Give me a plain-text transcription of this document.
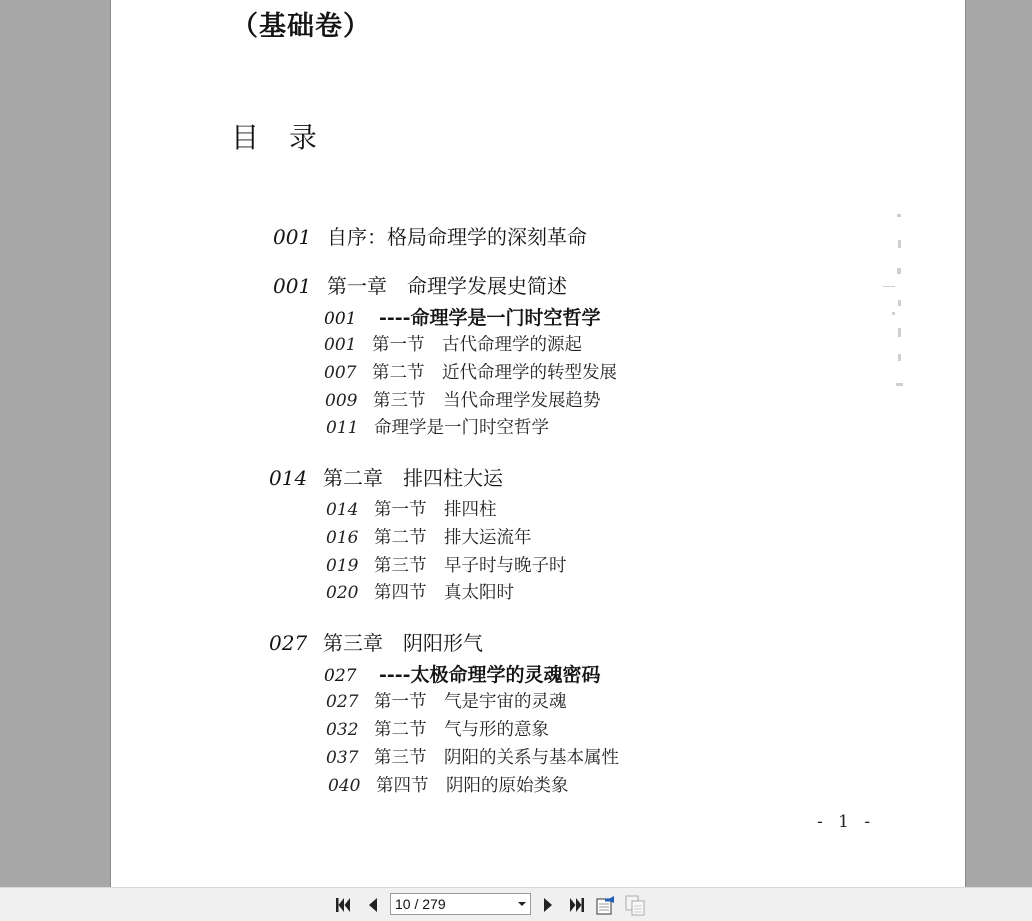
（基础卷）
目 录
001 自序：格局命理学的深刻革命
001 第一章　命理学发展史简述
001 ----命理学是一门时空哲学
001 第一节　古代命理学的源起
007 第二节　近代命理学的转型发展
009 第三节　当代命理学发展趋势
011 命理学是一门时空哲学
014 第二章　排四柱大运
014 第一节　排四柱
016 第二节　排大运流年
019 第三节　早子时与晚子时
020 第四节　真太阳时
027 第三章　阴阳形气
027 ----太极命理学的灵魂密码
027 第一节　气是宇宙的灵魂
032 第二节　气与形的意象
037 第三节　阴阳的关系与基本属性
040 第四节　阴阳的原始类象
- 1 -
10 / 279
